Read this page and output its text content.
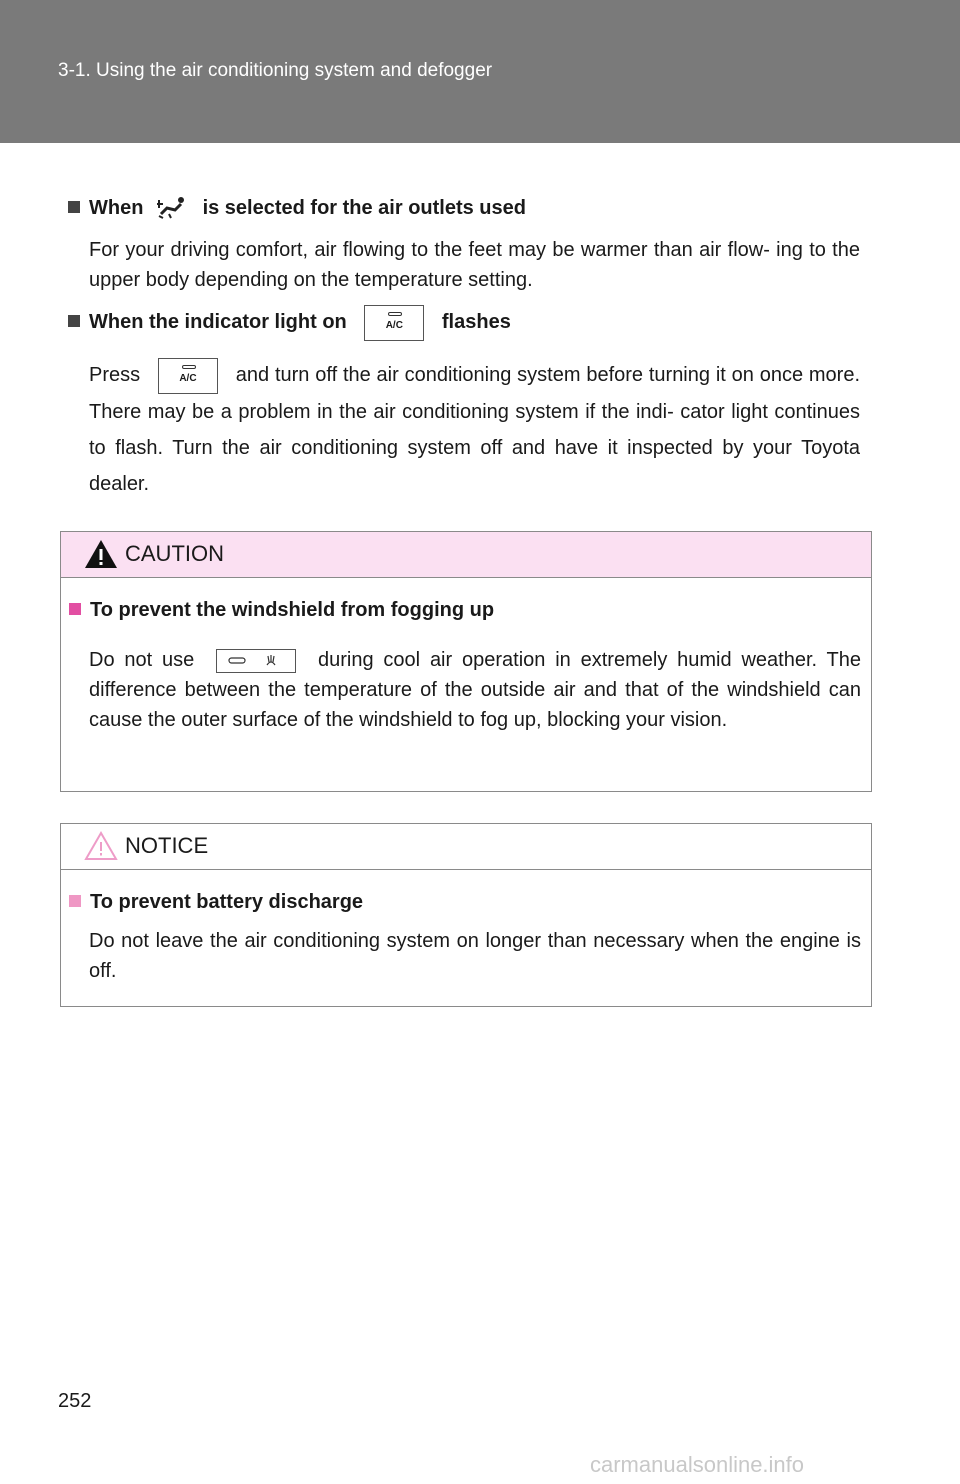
3-1. Using the air conditioning system and defogger
When	is selected for the air outlets used
For your driving comfort, air flowing to the feet may be warmer than air flow- ing to the upper body depending on the temperature setting.
When the indicator light on	A/C	flashes
Press	A/C	and turn off the air conditioning system before turning it on once more. There may be a problem in the air conditioning system if the indi- cator light continues to flash. Turn the air conditioning system off and have it inspected by your Toyota dealer.
CAUTION
To prevent the windshield from fogging up
Do not use	during cool air operation in extremely humid weather. The difference between the temperature of the outside air and that of the windshield can cause the outer surface of the windshield to fog up, blocking your vision.
NOTICE
To prevent battery discharge
Do not leave the air conditioning system on longer than necessary when the engine is off.
252
carmanualsonline.info
